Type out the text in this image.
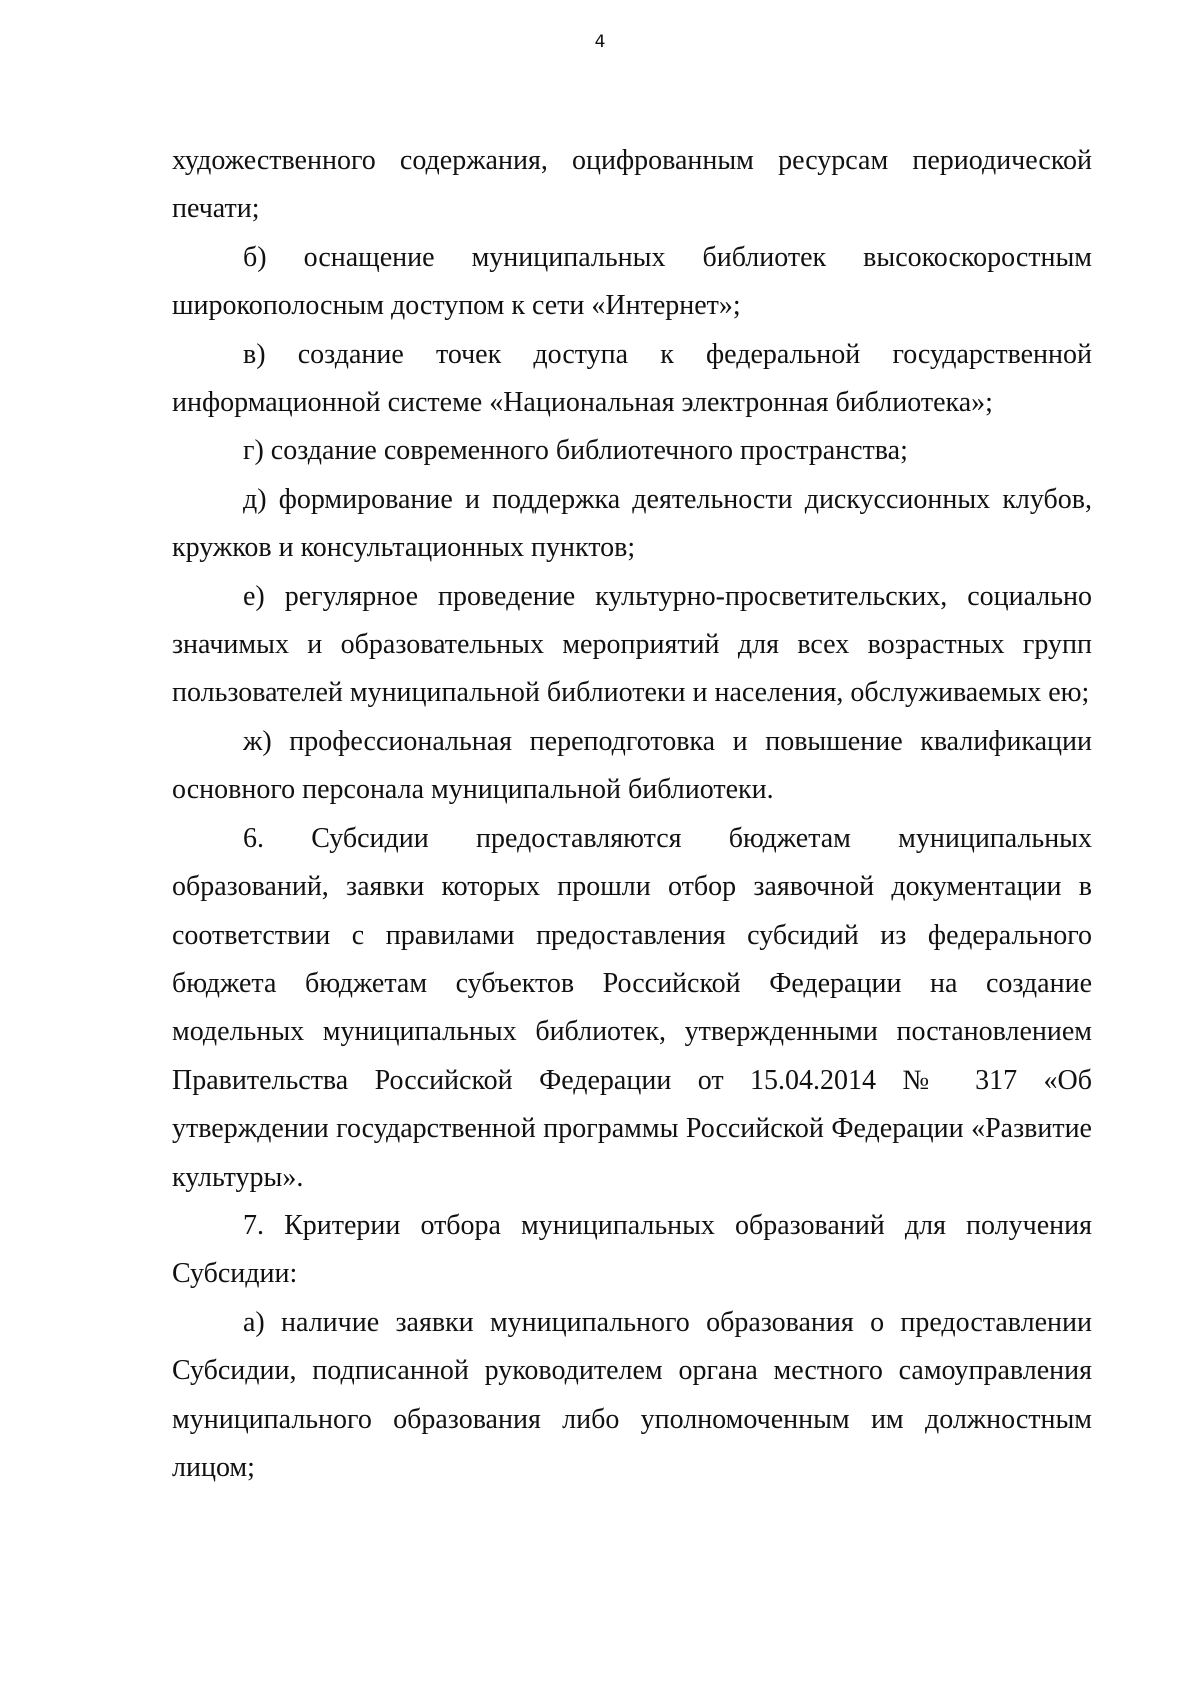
4

художественного содержания, оцифрованным ресурсам периодической печати;

б) оснащение муниципальных библиотек высокоскоростным широкополосным доступом к сети «Интернет»;

в) создание точек доступа к федеральной государственной информационной системе «Национальная электронная библиотека»;

г) создание современного библиотечного пространства;

д) формирование и поддержка деятельности дискуссионных клубов, кружков и консультационных пунктов;

е) регулярное проведение культурно-просветительских, социально значимых и образовательных мероприятий для всех возрастных групп пользователей муниципальной библиотеки и населения, обслуживаемых ею;

ж) профессиональная переподготовка и повышение квалификации основного персонала муниципальной библиотеки.

6. Субсидии предоставляются бюджетам муниципальных образований, заявки которых прошли отбор заявочной документации в соответствии с правилами предоставления субсидий из федерального бюджета бюджетам субъектов Российской Федерации на создание модельных муниципальных библиотек, утвержденными постановлением Правительства Российской Федерации от 15.04.2014 № 317 «Об утверждении государственной программы Российской Федерации «Развитие культуры».

7. Критерии отбора муниципальных образований для получения Субсидии:

а) наличие заявки муниципального образования о предоставлении Субсидии, подписанной руководителем органа местного самоуправления муниципального образования либо уполномоченным им должностным лицом;
